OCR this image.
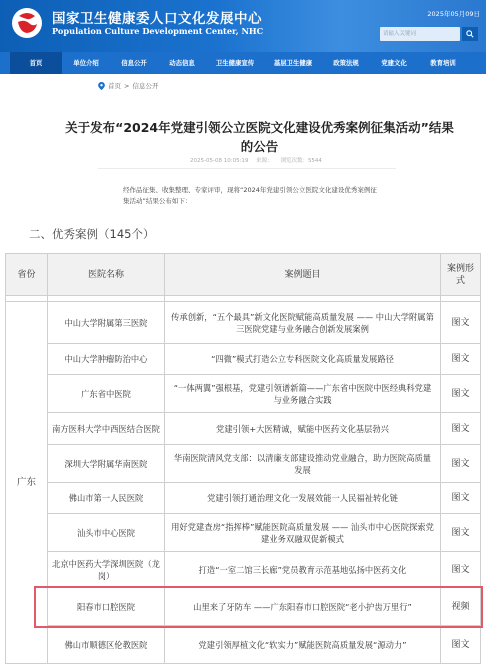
国家卫生健康委人口文化发展中心
Population Culture Development Center, NHC
2025年05月09日
请输入关键词
首页	单位介绍	信息公开	动态信息	卫生健康宣传	基层卫生健康	政策法规	党建文化	教育培训
首页 > 信息公开
关于发布“2024年党建引领公立医院文化建设优秀案例征集活动”结果的公告
2025-05-08 10:05:19 来源： 浏览次数：5544
经作品征集、收集整理、专家评审，现将“2024年党建引领公立医院文化建设优秀案例征集活动”结果公布如下：
二、优秀案例（145个）
省份	医院名称	案例题目	案例形式

广东	中山大学附属第三医院	传承创新，“五个最具”新文化医院赋能高质量发展 —— 中山大学附属第三医院党建与业务融合创新发展案例	图文
	中山大学肿瘤防治中心	“四微”模式打造公立专科医院文化高质量发展路径	图文
	广东省中医院	“一体两翼”强根基，党建引领谱新篇——广东省中医院中医经典科党建与业务融合实践	图文
	南方医科大学中西医结合医院	党建引领+大医精诚，赋能中医药文化基层勃兴	图文
	深圳大学附属华南医院	华南医院清风党支部：以清廉支部建设推动党业融合，助力医院高质量发展	图文
	佛山市第一人民医院	党建引领打通治理文化一发展效能一人民福祉转化链	图文
	汕头市中心医院	用好党建查房“指挥棒”赋能医院高质量发展 —— 汕头市中心医院探索党建业务双融双促新模式	图文
	北京中医药大学深圳医院（龙岗）	打造“一室二馆三长廊”党员教育示范基地弘扬中医药文化	图文
	阳春市口腔医院	山里来了牙防车 ——广东阳春市口腔医院“老小护齿万里行”	视频
	佛山市顺德区伦教医院	党建引领厚植文化“软实力”赋能医院高质量发展“源动力”	图文
